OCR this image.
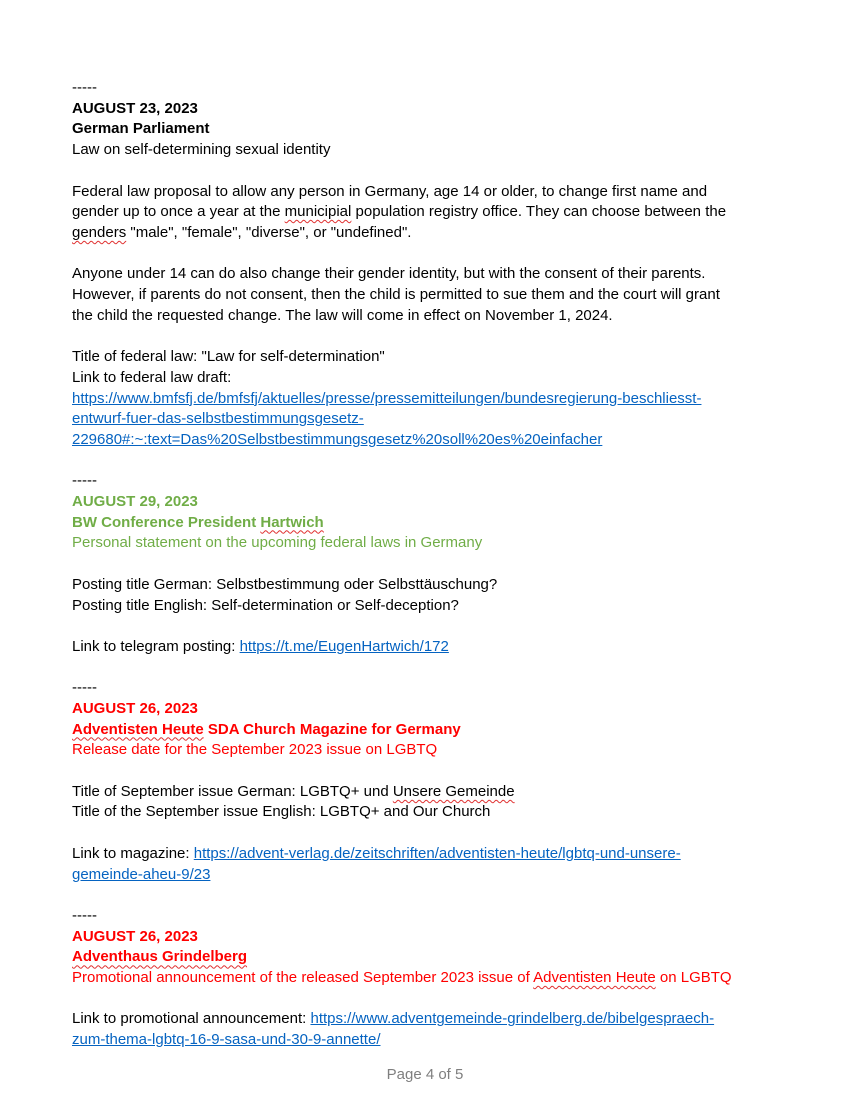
-----
AUGUST 23, 2023
German Parliament
Law on self-determining sexual identity
Federal law proposal to allow any person in Germany, age 14 or older, to change first name and
gender up to once a year at the municipial population registry office. They can choose between the
genders "male", "female", "diverse", or "undefined".
Anyone under 14 can do also change their gender identity, but with the consent of their parents.
However, if parents do not consent, then the child is permitted to sue them and the court will grant
the child the requested change. The law will come in effect on November 1, 2024.
Title of federal law: "Law for self-determination"
Link to federal law draft:
https://www.bmfsfj.de/bmfsfj/aktuelles/presse/pressemitteilungen/bundesregierung-beschliesst-
entwurf-fuer-das-selbstbestimmungsgesetz-
229680#:~:text=Das%20Selbstbestimmungsgesetz%20soll%20es%20einfacher
-----
AUGUST 29, 2023
BW Conference President Hartwich
Personal statement on the upcoming federal laws in Germany
Posting title German: Selbstbestimmung oder Selbsttäuschung?
Posting title English: Self-determination or Self-deception?
Link to telegram posting: https://t.me/EugenHartwich/172
-----
AUGUST 26, 2023
Adventisten Heute SDA Church Magazine for Germany
Release date for the September 2023 issue on LGBTQ
Title of September issue German: LGBTQ+ und Unsere Gemeinde
Title of the September issue English: LGBTQ+ and Our Church
Link to magazine: https://advent-verlag.de/zeitschriften/adventisten-heute/lgbtq-und-unsere-
gemeinde-aheu-9/23
-----
AUGUST 26, 2023
Adventhaus Grindelberg
Promotional announcement of the released September 2023 issue of Adventisten Heute on LGBTQ
Link to promotional announcement: https://www.adventgemeinde-grindelberg.de/bibelgespraech-
zum-thema-lgbtq-16-9-sasa-und-30-9-annette/
Page 4 of 5
